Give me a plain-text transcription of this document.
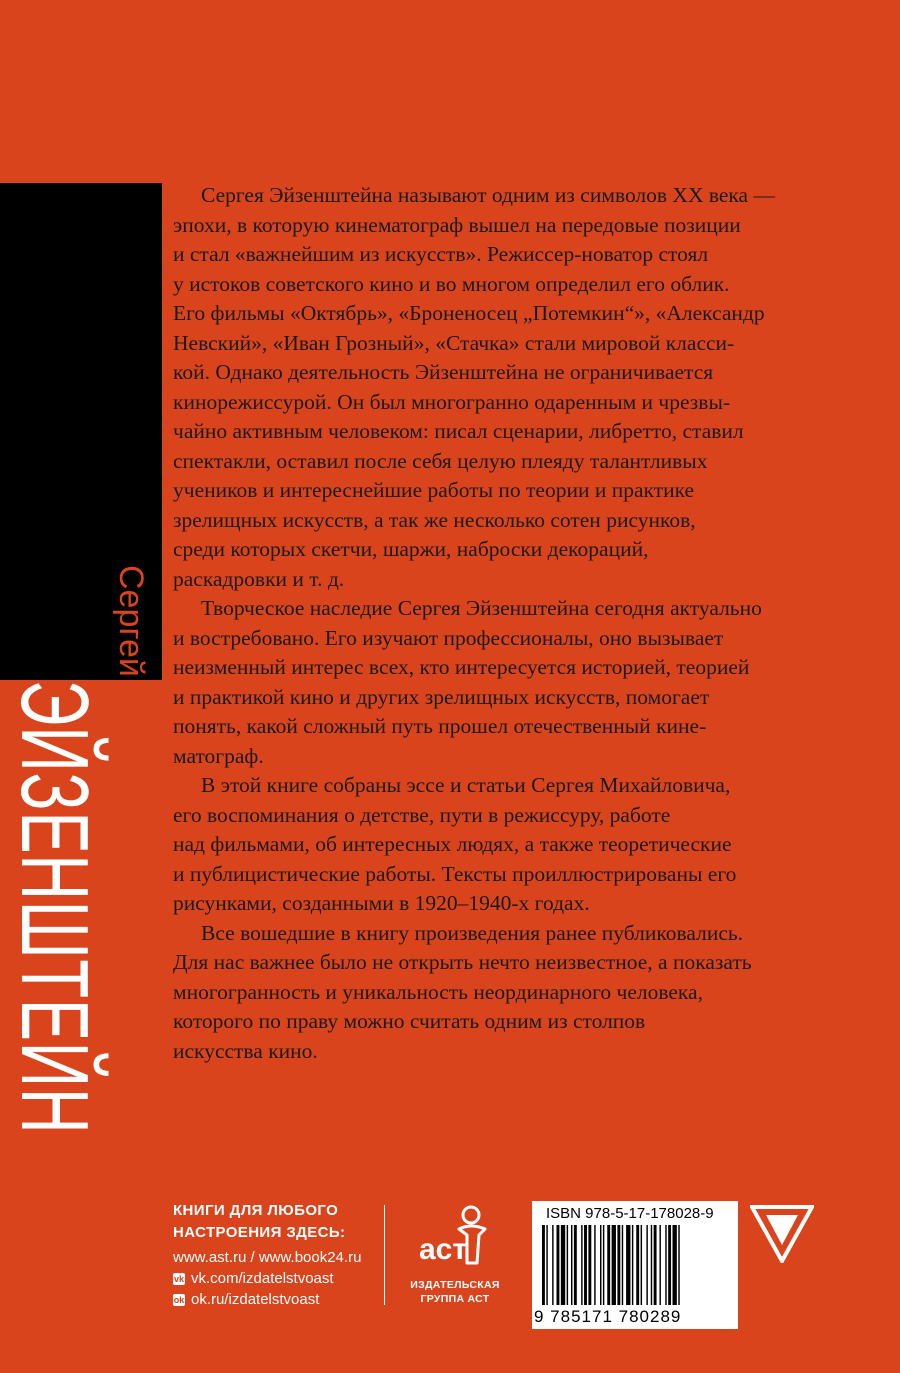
ЭЙЗЕНШТЕЙН
Сергей
Сергея Эйзенштейна называют одним из символов XX века —
эпохи, в которую кинематограф вышел на передовые позиции
и стал «важнейшим из искусств». Режиссер-новатор стоял
у истоков советского кино и во многом определил его облик.
Его фильмы «Октябрь», «Броненосец „Потемкин“», «Александр
Невский», «Иван Грозный», «Стачка» стали мировой класси-
кой. Однако деятельность Эйзенштейна не ограничивается
кинорежиссурой. Он был многогранно одаренным и чрезвы-
чайно активным человеком: писал сценарии, либретто, ставил
спектакли, оставил после себя целую плеяду талантливых
учеников и интереснейшие работы по теории и практике
зрелищных искусств, а так же несколько сотен рисунков,
среди которых скетчи, шаржи, наброски декораций,
раскадровки и т. д.
Творческое наследие Сергея Эйзенштейна сегодня актуально
и востребовано. Его изучают профессионалы, оно вызывает
неизменный интерес всех, кто интересуется историей, теорией
и практикой кино и других зрелищных искусств, помогает
понять, какой сложный путь прошел отечественный кине-
матограф.
В этой книге собраны эссе и статьи Сергея Михайловича,
его воспоминания о детстве, пути в режиссуру, работе
над фильмами, об интересных людях, а также теоретические
и публицистические работы. Тексты проиллюстрированы его
рисунками, созданными в 1920–1940-х годах.
Все вошедшие в книгу произведения ранее публиковались.
Для нас важнее было не открыть нечто неизвестное, а показать
многогранность и уникальность неординарного человека,
которого по праву можно считать одним из столпов
искусства кино.
КНИГИ ДЛЯ ЛЮБОГО
НАСТРОЕНИЯ ЗДЕСЬ:
www.ast.ru / www.book24.ru
vk vk.com/izdatelstvoast
ok ok.ru/izdatelstvoast
аст
ИЗДАТЕЛЬСКАЯ
ГРУППА АСТ
ISBN 978-5-17-178028-9
9 785171 780289
